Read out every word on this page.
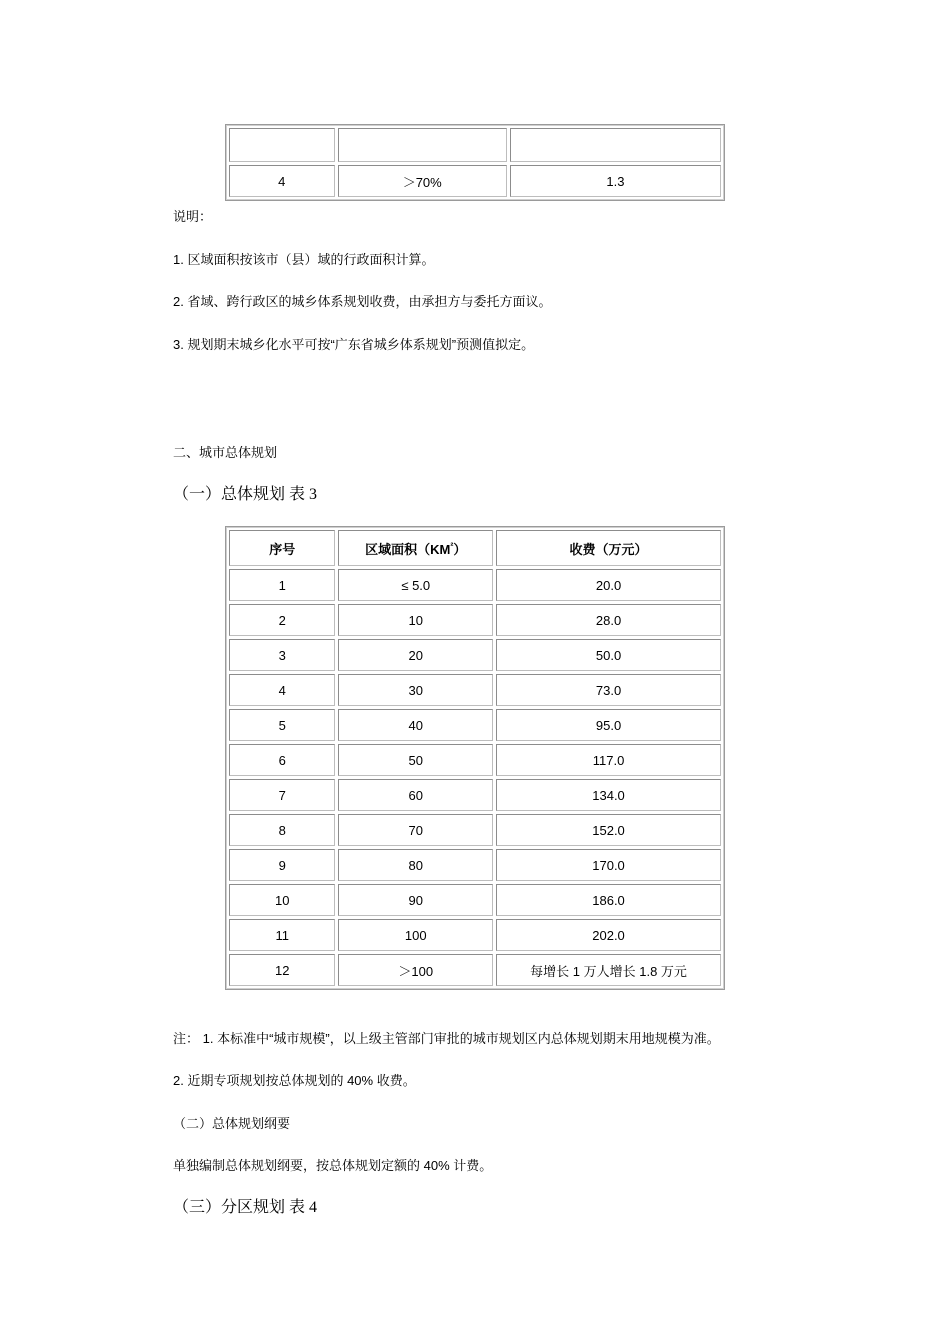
4	＞70%	1.3
说明：
1. 区域面积按该市（县）域的行政面积计算。
2. 省域、跨行政区的城乡体系规划收费，由承担方与委托方面议。
3. 规划期末城乡化水平可按“广东省城乡体系规划”预测值拟定。
二、城市总体规划
（一）总体规划 表 3
序号	区域面积$(KM^{^2})$	收费（万元）
1	≤ 5.0	20.0
2	10	28.0
3	20	50.0
4	30	73.0
5	40	95.0
6	50	117.0
7	60	134.0
8	70	152.0
9	80	170.0
10	90	186.0
11	100	202.0
12	＞100	每增长 1 万人增长 1.8 万元
注： 1. 本标准中“城市规模”，以上级主管部门审批的城市规划区内总体规划期末用地规模为准。
2. 近期专项规划按总体规划的 40% 收费。
（二）总体规划纲要
单独编制总体规划纲要，按总体规划定额的 40% 计费。
（三）分区规划 表 4
